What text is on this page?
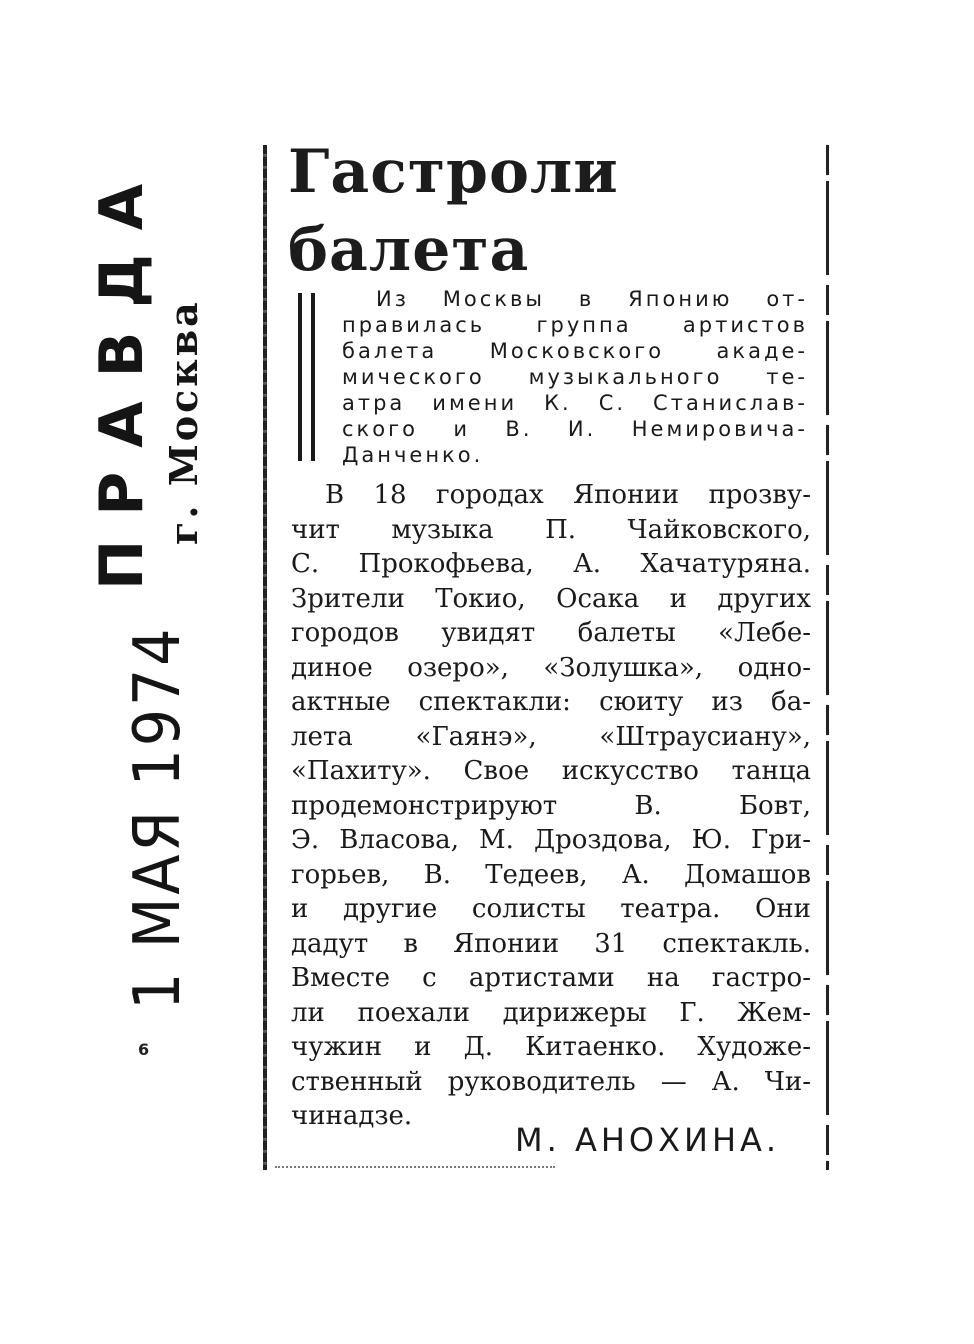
ПРАВДА г. Москва
1 МАЯ 1974
6
Гастроли
балета
Из Москвы в Японию от-
правилась группа артистов
балета Московского акаде-
мического музыкального те-
атра имени К. С. Станислав-
ского и В. И. Немировича-
Данченко.
В 18 городах Японии прозву-
чит музыка П. Чайковского,
С. Прокофьева, А. Хачатуряна.
Зрители Токио, Осака и других
городов увидят балеты «Лебе-
диное озеро», «Золушка», одно-
актные спектакли: сюиту из ба-
лета «Гаянэ», «Штраусиану»,
«Пахиту». Свое искусство танца
продемонстрируют В. Бовт,
Э. Власова, М. Дроздова, Ю. Гри-
горьев, В. Тедеев, А. Домашов
и другие солисты театра. Они
дадут в Японии 31 спектакль.
Вместе с артистами на гастро-
ли поехали дирижеры Г. Жем-
чужин и Д. Китаенко. Художе-
ственный руководитель — А. Чи-
чинадзе.
М. АНОХИНА.
